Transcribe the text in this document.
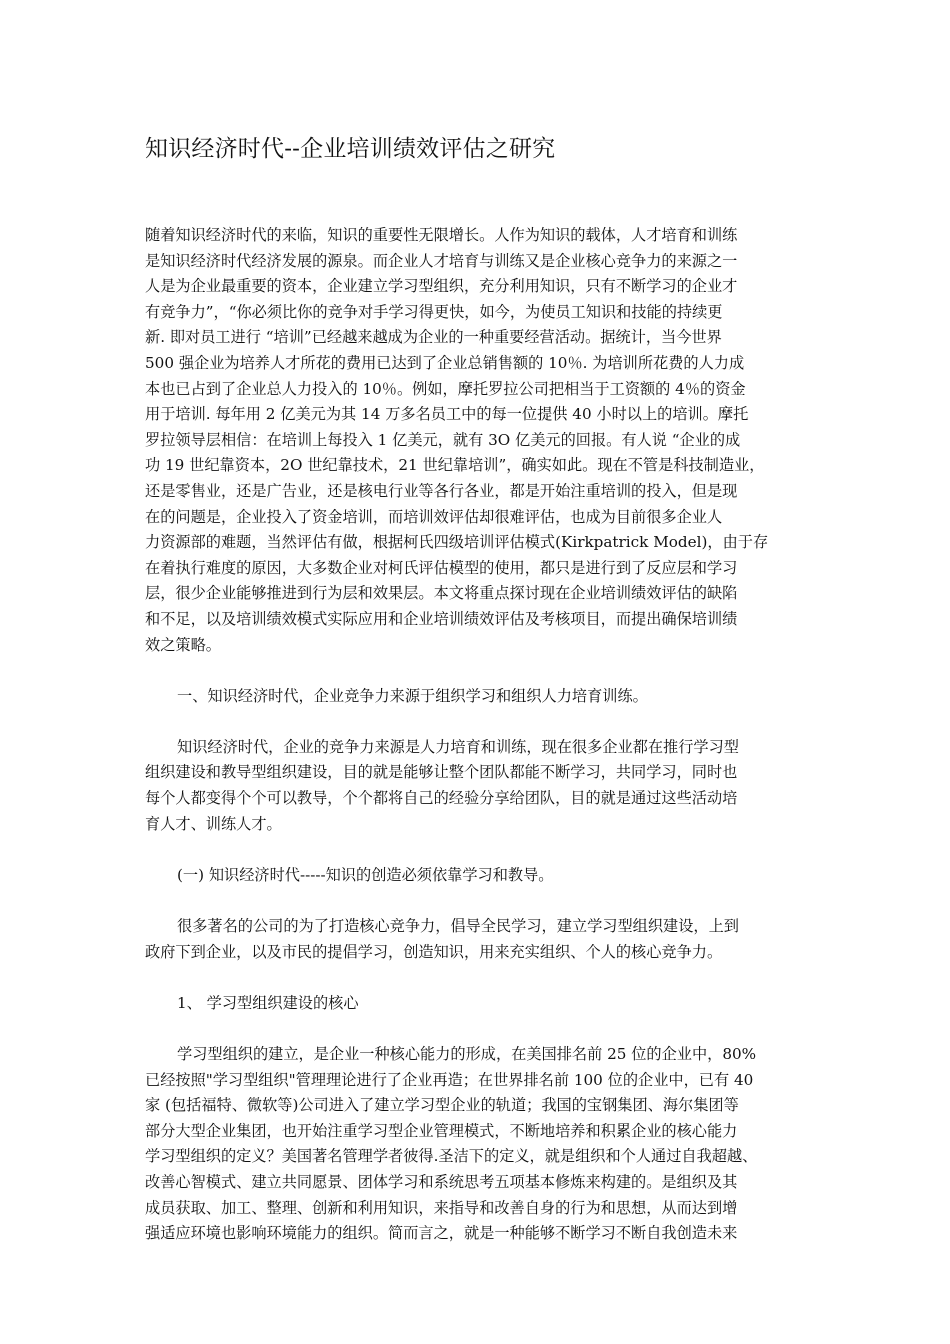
知识经济时代--企业培训绩效评估之研究
随着知识经济时代的来临，知识的重要性无限增长。人作为知识的载体，人才培育和训练
是知识经济时代经济发展的源泉。而企业人才培育与训练又是企业核心竞争力的来源之一
人是为企业最重要的资本，企业建立学习型组织，充分利用知识，只有不断学习的企业才
有竞争力”，“你必须比你的竞争对手学习得更快，如今，为使员工知识和技能的持续更
新. 即对员工进行 “培训”已经越来越成为企业的一种重要经营活动。据统计，当今世界
500 强企业为培养人才所花的费用已达到了企业总销售额的 10％. 为培训所花费的人力成
本也已占到了企业总人力投入的 10％。例如，摩托罗拉公司把相当于工资额的 4％的资金
用于培训. 每年用 2 亿美元为其 14 万多名员工中的每一位提供 40 小时以上的培训。摩托
罗拉领导层相信：在培训上每投入 1 亿美元，就有 3O 亿美元的回报。有人说 “企业的成
功 19 世纪靠资本，2O 世纪靠技术，21 世纪靠培训”，确实如此。现在不管是科技制造业，
还是零售业，还是广告业，还是核电行业等各行各业，都是开始注重培训的投入，但是现
在的问题是，企业投入了资金培训，而培训效评估却很难评估，也成为目前很多企业人
力资源部的难题，当然评估有做，根据柯氏四级培训评估模式(Kirkpatrick Model)，由于存
在着执行难度的原因，大多数企业对柯氏评估模型的使用，都只是进行到了反应层和学习
层，很少企业能够推进到行为层和效果层。本文将重点探讨现在企业培训绩效评估的缺陷
和不足，以及培训绩效模式实际应用和企业培训绩效评估及考核项目，而提出确保培训绩
效之策略。
一、知识经济时代，企业竞争力来源于组织学习和组织人力培育训练。
知识经济时代，企业的竞争力来源是人力培育和训练，现在很多企业都在推行学习型
组织建设和教导型组织建设，目的就是能够让整个团队都能不断学习，共同学习，同时也
每个人都变得个个可以教导，个个都将自己的经验分享给团队，目的就是通过这些活动培
育人才、训练人才。
(一) 知识经济时代-----知识的创造必须依靠学习和教导。
很多著名的公司的为了打造核心竞争力，倡导全民学习，建立学习型组织建设，上到
政府下到企业，以及市民的提倡学习，创造知识，用来充实组织、个人的核心竞争力。
1、 学习型组织建设的核心
学习型组织的建立，是企业一种核心能力的形成，在美国排名前 25 位的企业中，80%
已经按照"学习型组织"管理理论进行了企业再造；在世界排名前 100 位的企业中，已有 40
家 (包括福特、微软等)公司进入了建立学习型企业的轨道；我国的宝钢集团、海尔集团等
部分大型企业集团，也开始注重学习型企业管理模式，不断地培养和积累企业的核心能力
学习型组织的定义？美国著名管理学者彼得.圣洁下的定义，就是组织和个人通过自我超越、
改善心智模式、建立共同愿景、团体学习和系统思考五项基本修炼来构建的。是组织及其
成员获取、加工、整理、创新和利用知识，来指导和改善自身的行为和思想，从而达到增
强适应环境也影响环境能力的组织。简而言之，就是一种能够不断学习不断自我创造未来
